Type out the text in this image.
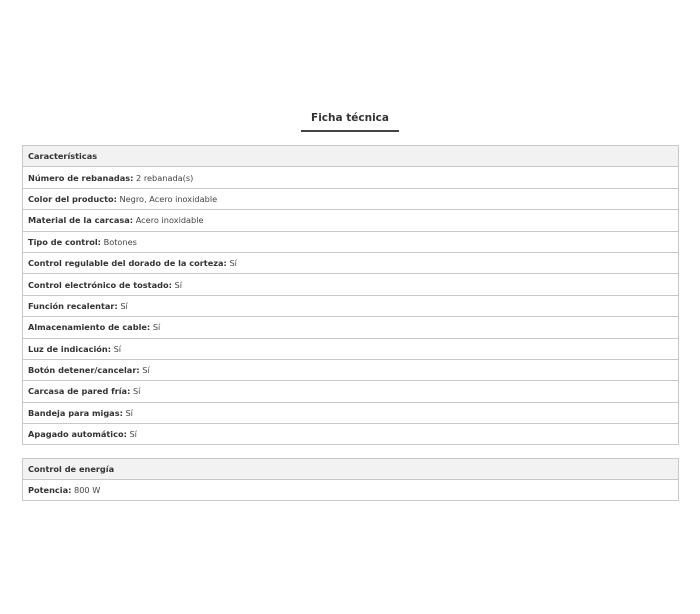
Ficha técnica
Características
Número de rebanadas: 2 rebanada(s)
Color del producto: Negro, Acero inoxidable
Material de la carcasa: Acero inoxidable
Tipo de control: Botones
Control regulable del dorado de la corteza: Sí
Control electrónico de tostado: Sí
Función recalentar: Sí
Almacenamiento de cable: Sí
Luz de indicación: Sí
Botón detener/cancelar: Sí
Carcasa de pared fría: Sí
Bandeja para migas: Sí
Apagado automático: Sí
Control de energía
Potencia: 800 W
